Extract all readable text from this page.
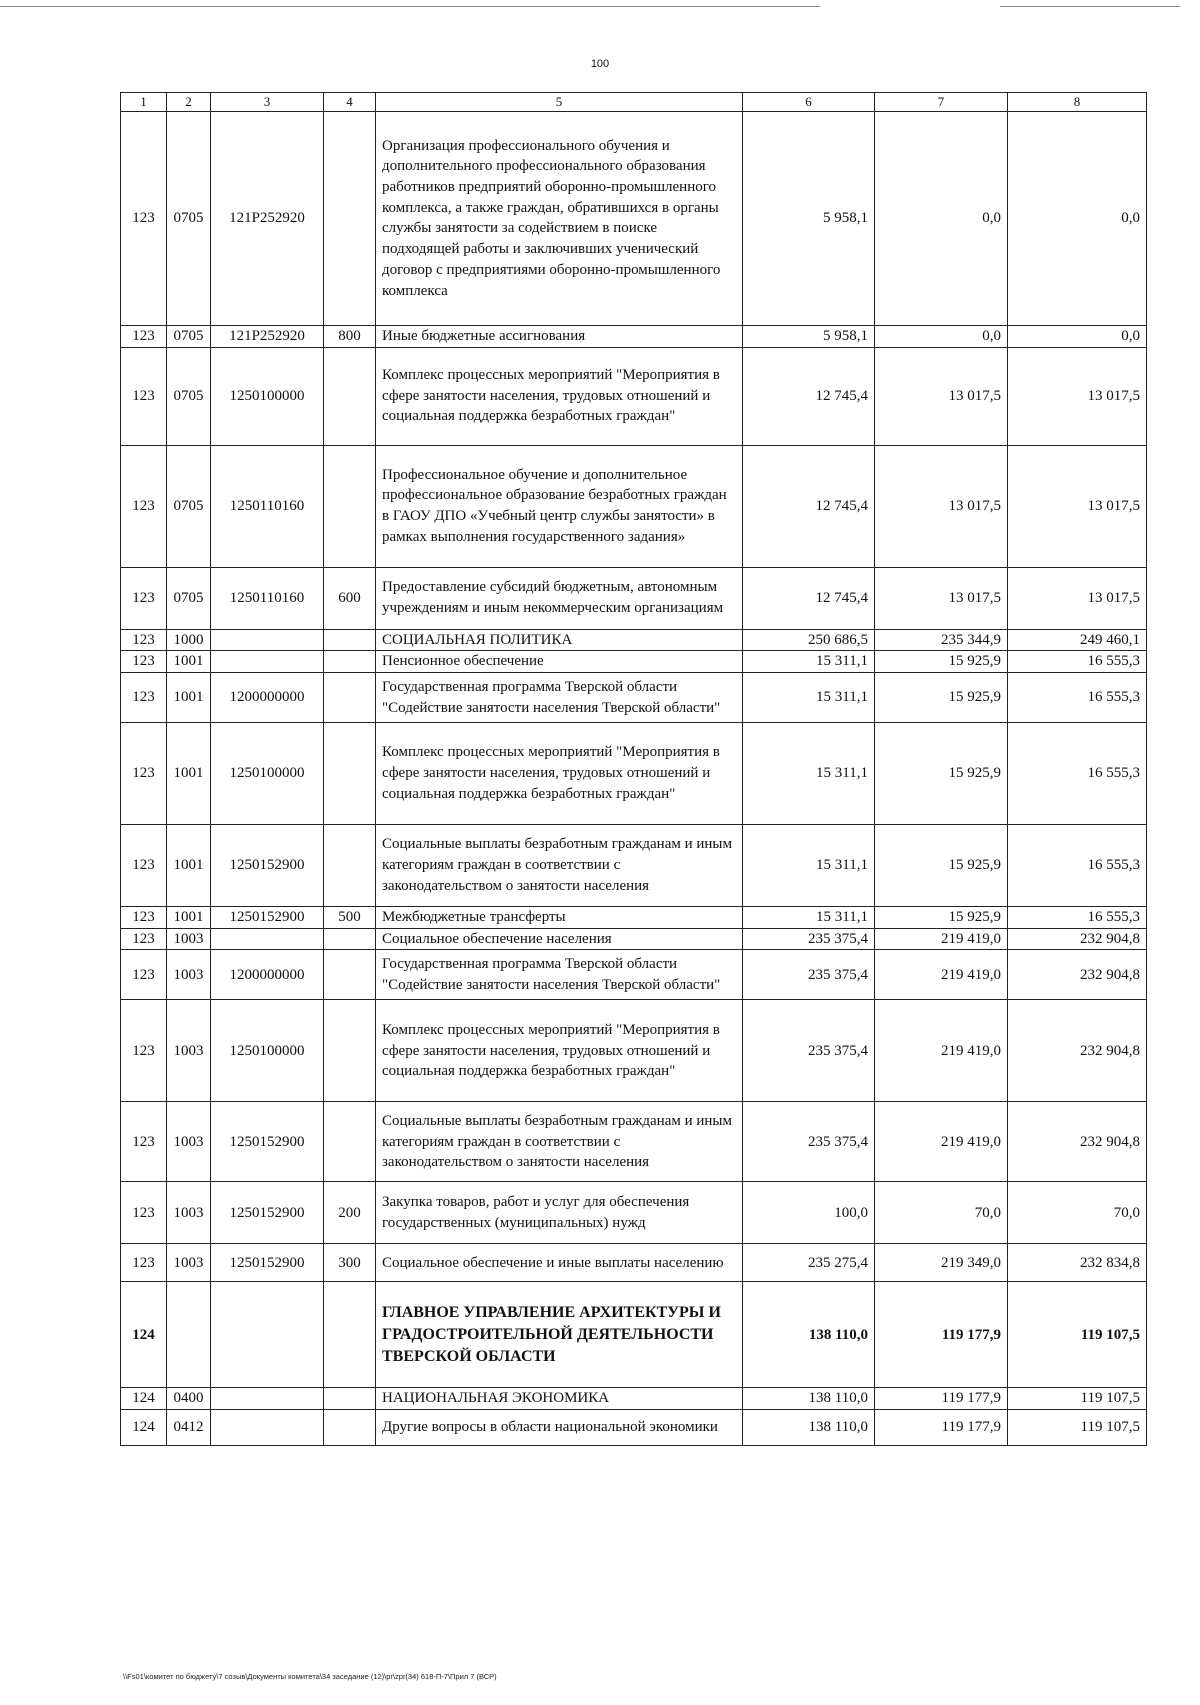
100
1	2	3	4	5	6	7	8
123	0705	121P252920		Организация профессионального обучения и дополнительного профессионального образования работников предприятий оборонно-промышленного комплекса, а также граждан, обратившихся в органы службы занятости за содействием в поиске подходящей работы и заключивших ученический договор с предприятиями оборонно-промышленного комплекса	5 958,1	0,0	0,0
123	0705	121P252920	800	Иные бюджетные ассигнования	5 958,1	0,0	0,0
123	0705	1250100000		Комплекс процессных мероприятий "Мероприятия в сфере занятости населения, трудовых отношений и социальная поддержка безработных граждан"	12 745,4	13 017,5	13 017,5
123	0705	1250110160		Профессиональное обучение и дополнительное профессиональное образование безработных граждан в ГАОУ ДПО «Учебный центр службы занятости» в рамках выполнения государственного задания»	12 745,4	13 017,5	13 017,5
123	0705	1250110160	600	Предоставление субсидий бюджетным, автономным учреждениям и иным некоммерческим организациям	12 745,4	13 017,5	13 017,5
123	1000			СОЦИАЛЬНАЯ ПОЛИТИКА	250 686,5	235 344,9	249 460,1
123	1001			Пенсионное обеспечение	15 311,1	15 925,9	16 555,3
123	1001	1200000000		Государственная программа Тверской области "Содействие занятости населения Тверской области"	15 311,1	15 925,9	16 555,3
123	1001	1250100000		Комплекс процессных мероприятий "Мероприятия в сфере занятости населения, трудовых отношений и социальная поддержка безработных граждан"	15 311,1	15 925,9	16 555,3
123	1001	1250152900		Социальные выплаты безработным гражданам и иным категориям граждан в соответствии с законодательством о занятости населения	15 311,1	15 925,9	16 555,3
123	1001	1250152900	500	Межбюджетные трансферты	15 311,1	15 925,9	16 555,3
123	1003			Социальное обеспечение населения	235 375,4	219 419,0	232 904,8
123	1003	1200000000		Государственная программа Тверской области "Содействие занятости населения Тверской области"	235 375,4	219 419,0	232 904,8
123	1003	1250100000		Комплекс процессных мероприятий "Мероприятия в сфере занятости населения, трудовых отношений и социальная поддержка безработных граждан"	235 375,4	219 419,0	232 904,8
123	1003	1250152900		Социальные выплаты безработным гражданам и иным категориям граждан в соответствии с законодательством о занятости населения	235 375,4	219 419,0	232 904,8
123	1003	1250152900	200	Закупка товаров, работ и услуг для обеспечения государственных (муниципальных) нужд	100,0	70,0	70,0
123	1003	1250152900	300	Социальное обеспечение и иные выплаты населению	235 275,4	219 349,0	232 834,8
124				ГЛАВНОЕ УПРАВЛЕНИЕ АРХИТЕКТУРЫ И ГРАДОСТРОИТЕЛЬНОЙ ДЕЯТЕЛЬНОСТИ ТВЕРСКОЙ ОБЛАСТИ	138 110,0	119 177,9	119 107,5
124	0400			НАЦИОНАЛЬНАЯ ЭКОНОМИКА	138 110,0	119 177,9	119 107,5
124	0412			Другие вопросы в области национальной экономики	138 110,0	119 177,9	119 107,5
\\Fs01\комитет по бюджету\7 созыв\Документы комитета\34 заседание (12)\pr\zpr(34) 618-П-7\Прил 7 (ВСР)
